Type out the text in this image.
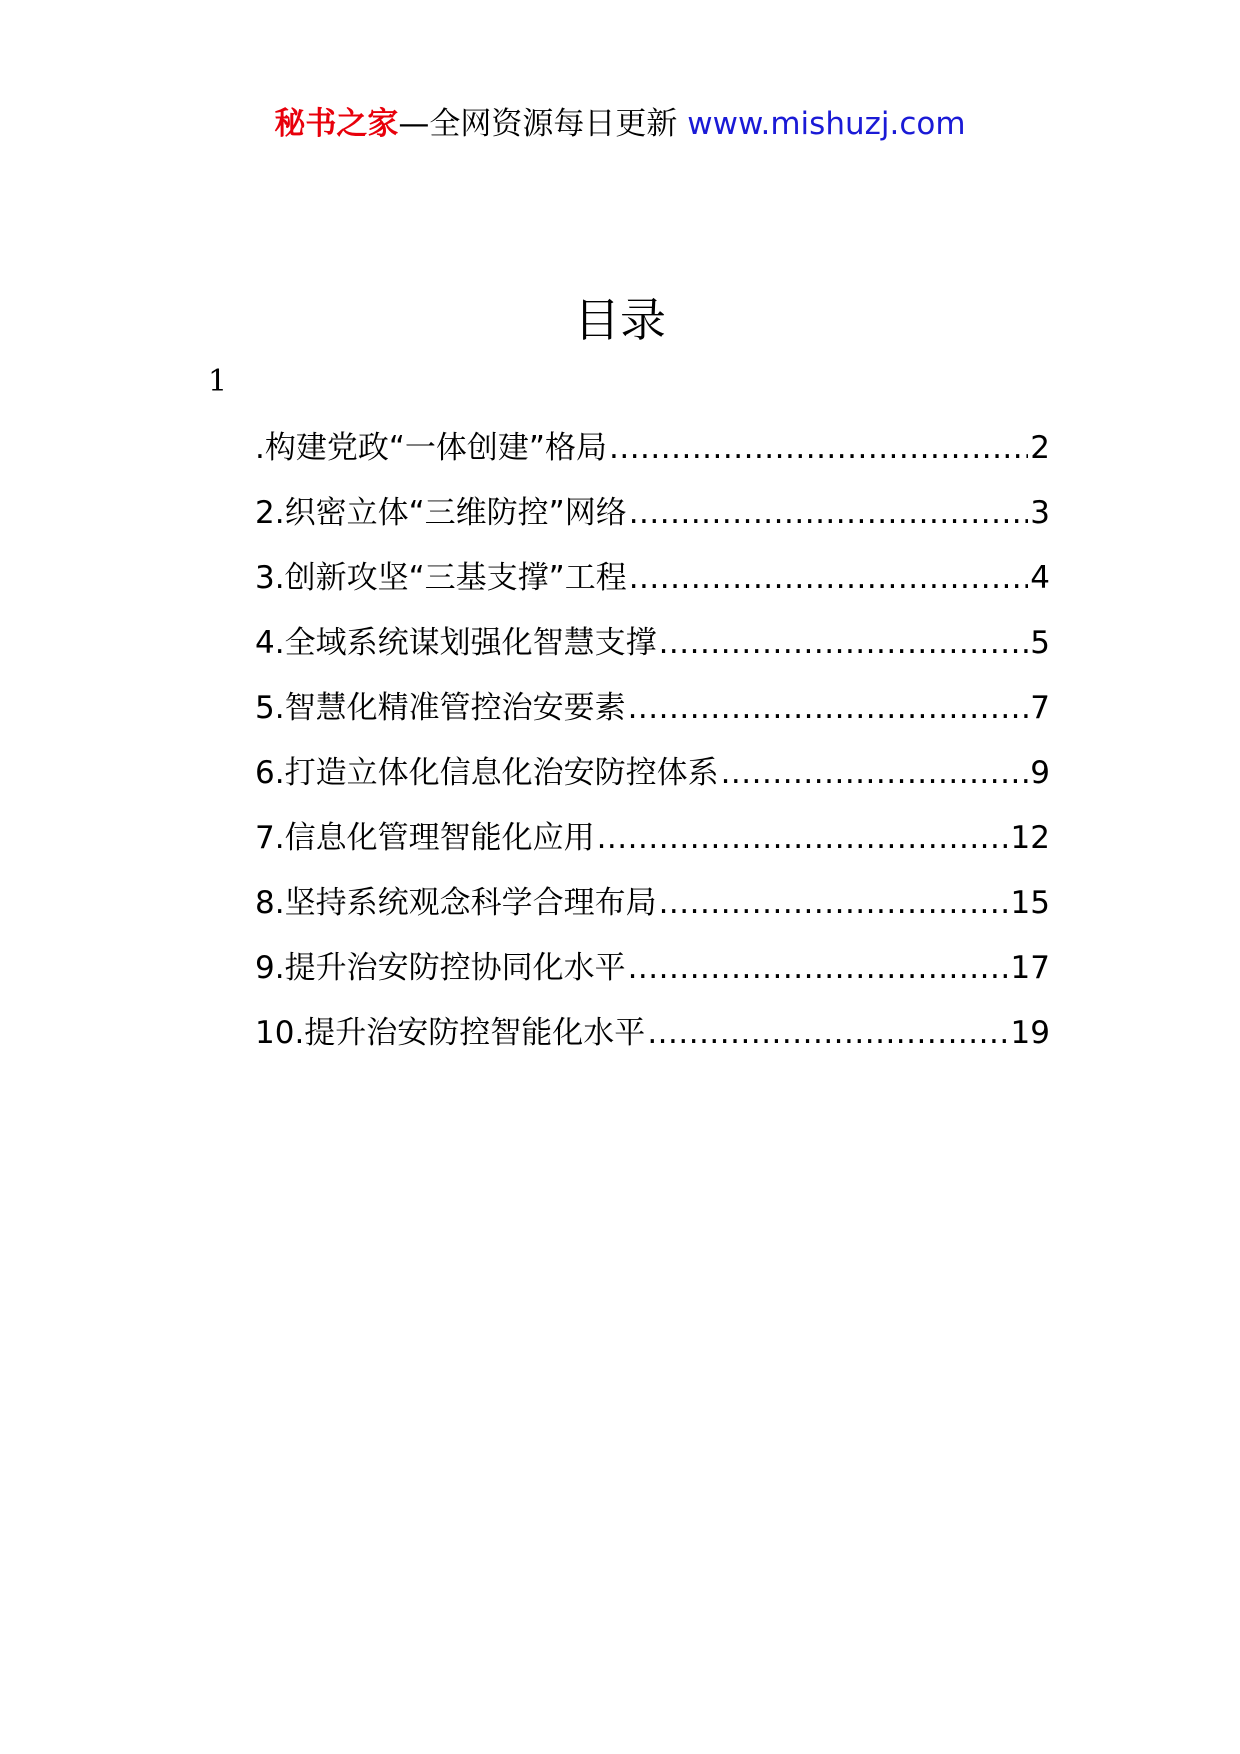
秘书之家—全网资源每日更新 www.mishuzj.com
目录
1
.构建党政“一体创建”格局 .....	2
2.织密立体“三维防控”网络 .....	3
3.创新攻坚“三基支撑”工程 .....	4
4.全域系统谋划强化智慧支撑 .....	5
5.智慧化精准管控治安要素 .....	7
6.打造立体化信息化治安防控体系 .....	9
7.信息化管理智能化应用 .....	12
8.坚持系统观念科学合理布局 .....	15
9.提升治安防控协同化水平 .....	17
10.提升治安防控智能化水平 .....	19
